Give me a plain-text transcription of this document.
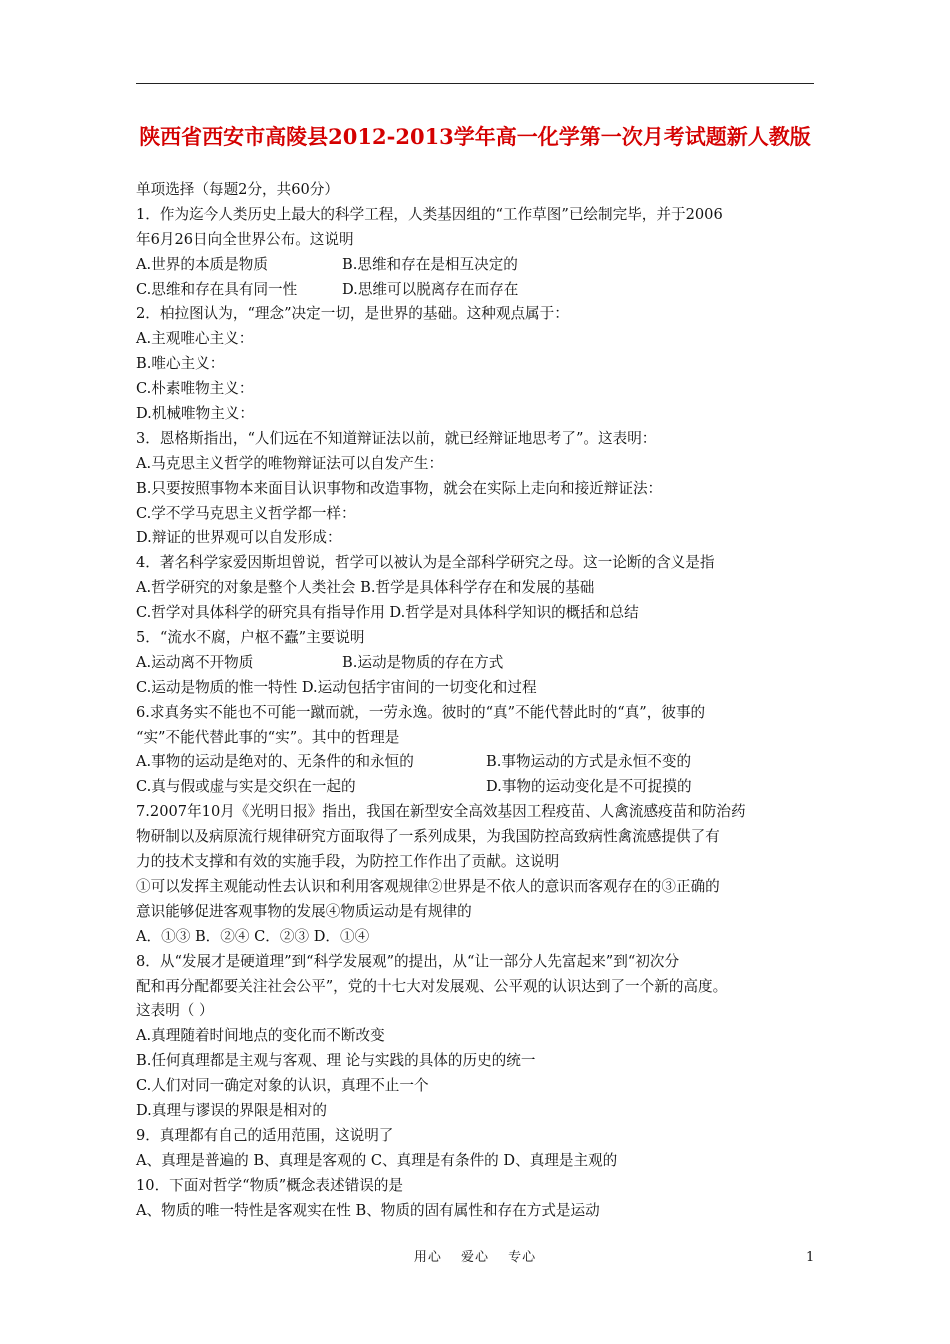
陕西省西安市高陵县2012-2013学年高一化学第一次月考试题新人教版
单项选择（每题2分，共60分）
1．作为迄今人类历史上最大的科学工程，人类基因组的“工作草图”已绘制完毕，并于2006
年6月26日向全世界公布。这说明
A.世界的本质是物质	B.思维和存在是相互决定的
C.思维和存在具有同一性	D.思维可以脱离存在而存在
2．柏拉图认为，“理念”决定一切，是世界的基础。这种观点属于：
A.主观唯心主义：
B.唯心主义：
C.朴素唯物主义：
D.机械唯物主义：
3．恩格斯指出，“人们远在不知道辩证法以前，就已经辩证地思考了”。这表明：
A.马克思主义哲学的唯物辩证法可以自发产生：
B.只要按照事物本来面目认识事物和改造事物，就会在实际上走向和接近辩证法：
C.学不学马克思主义哲学都一样：
D.辩证的世界观可以自发形成：
4．著名科学家爱因斯坦曾说，哲学可以被认为是全部科学研究之母。这一论断的含义是指
A.哲学研究的对象是整个人类社会 B.哲学是具体科学存在和发展的基础
C.哲学对具体科学的研究具有指导作用 D.哲学是对具体科学知识的概括和总结
5．“流水不腐，户枢不蠹”主要说明
A.运动离不开物质	B.运动是物质的存在方式
C.运动是物质的惟一特性 D.运动包括宇宙间的一切变化和过程
6.求真务实不能也不可能一蹴而就，一劳永逸。彼时的“真”不能代替此时的“真”，彼事的
“实”不能代替此事的“实”。其中的哲理是
A.事物的运动是绝对的、无条件的和永恒的	B.事物运动的方式是永恒不变的
C.真与假或虚与实是交织在一起的	D.事物的运动变化是不可捉摸的
7.2007年10月《光明日报》指出，我国在新型安全高效基因工程疫苗、人禽流感疫苗和防治药
物研制以及病原流行规律研究方面取得了一系列成果，为我国防控高致病性禽流感提供了有
力的技术支撑和有效的实施手段，为防控工作作出了贡献。这说明
①可以发挥主观能动性去认识和利用客观规律②世界是不依人的意识而客观存在的③正确的
意识能够促进客观事物的发展④物质运动是有规律的
A．①③ B．②④ C．②③ D．①④
8．从“发展才是硬道理”到“科学发展观”的提出，从“让一部分人先富起来”到“初次分
配和再分配都要关注社会公平”，党的十七大对发展观、公平观的认识达到了一个新的高度。
这表明（ ）
A.真理随着时间地点的变化而不断改变
B.任何真理都是主观与客观、理 论与实践的具体的历史的统一
C.人们对同一确定对象的认识，真理不止一个
D.真理与谬误的界限是相对的
9．真理都有自己的适用范围，这说明了
A、真理是普遍的 B、真理是客观的 C、真理是有条件的 D、真理是主观的
10．下面对哲学“物质”概念表述错误的是
A、物质的唯一特性是客观实在性 B、物质的固有属性和存在方式是运动
用心 爱心 专心	1
